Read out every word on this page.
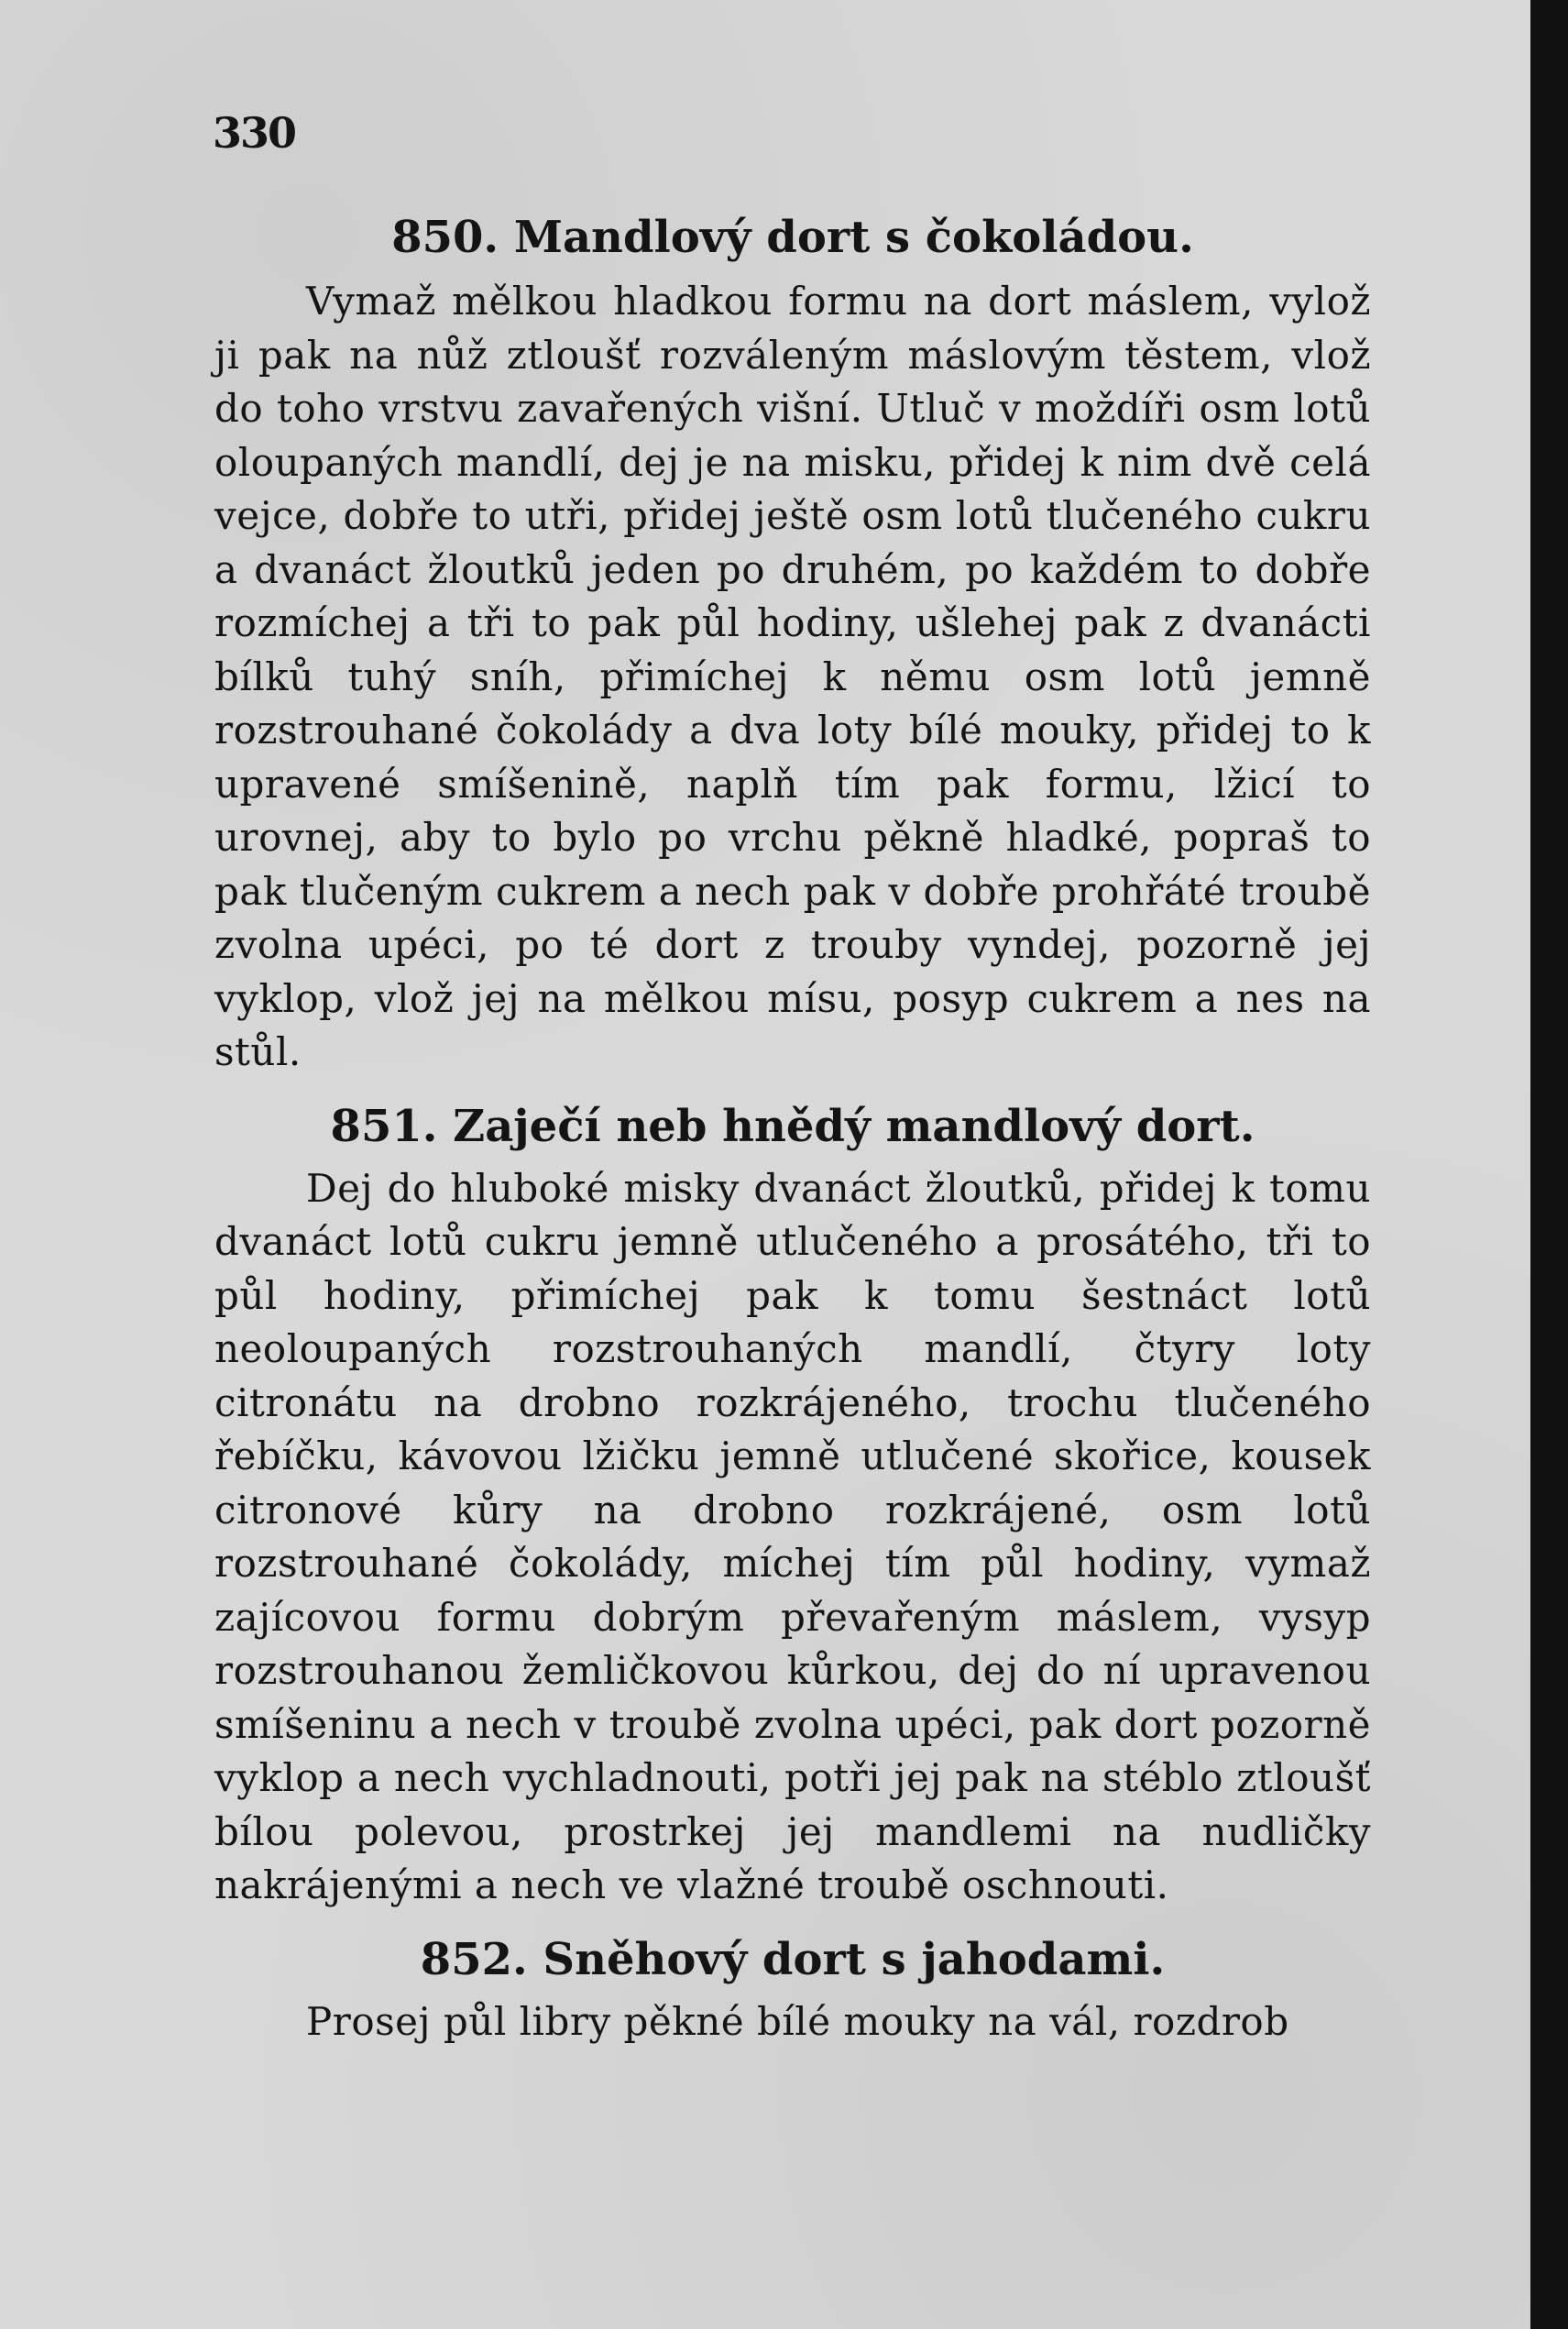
330
850. Mandlový dort s čokoládou.

Vymaž mělkou hladkou formu na dort máslem, vylož ji pak na nůž ztloušť rozváleným máslovým těstem, vlož do toho vrstvu zavařených višní. Utluč v moždíři osm lotů oloupaných mandlí, dej je na misku, přidej k nim dvě celá vejce, dobře to utři, přidej ještě osm lotů tlučeného cukru a dvanáct žloutků jeden po druhém, po každém to dobře rozmíchej a tři to pak půl hodiny, ušlehej pak z dvanácti bílků tuhý sníh, přimíchej k němu osm lotů jemně rozstrouhané čokolády a dva loty bílé mouky, přidej to k upravené smíšenině, naplň tím pak formu, lžicí to urovnej, aby to bylo po vrchu pěkně hladké, popraš to pak tlučeným cukrem a nech pak v dobře prohřáté troubě zvolna upéci, po té dort z trouby vyndej, pozorně jej vyklop, vlož jej na mělkou mísu, posyp cukrem a nes na stůl.

851. Zaječí neb hnědý mandlový dort.

Dej do hluboké misky dvanáct žloutků, přidej k tomu dvanáct lotů cukru jemně utlučeného a prosátého, tři to půl hodiny, přimíchej pak k tomu šestnáct lotů neoloupaných rozstrouhaných mandlí, čtyry loty citronátu na drobno rozkrájeného, trochu tlučeného řebíčku, kávovou lžičku jemně utlučené skořice, kousek citronové kůry na drobno rozkrájené, osm lotů rozstrouhané čokolády, míchej tím půl hodiny, vymaž zajícovou formu dobrým převařeným máslem, vysyp rozstrouhanou žemličkovou kůrkou, dej do ní upravenou smíšeninu a nech v troubě zvolna upéci, pak dort pozorně vyklop a nech vychladnouti, potři jej pak na stéblo ztloušť bílou polevou, prostrkej jej mandlemi na nudličky nakrájenými a nech ve vlažné troubě oschnouti.

852. Sněhový dort s jahodami.

Prosej půl libry pěkné bílé mouky na vál, rozdrob
